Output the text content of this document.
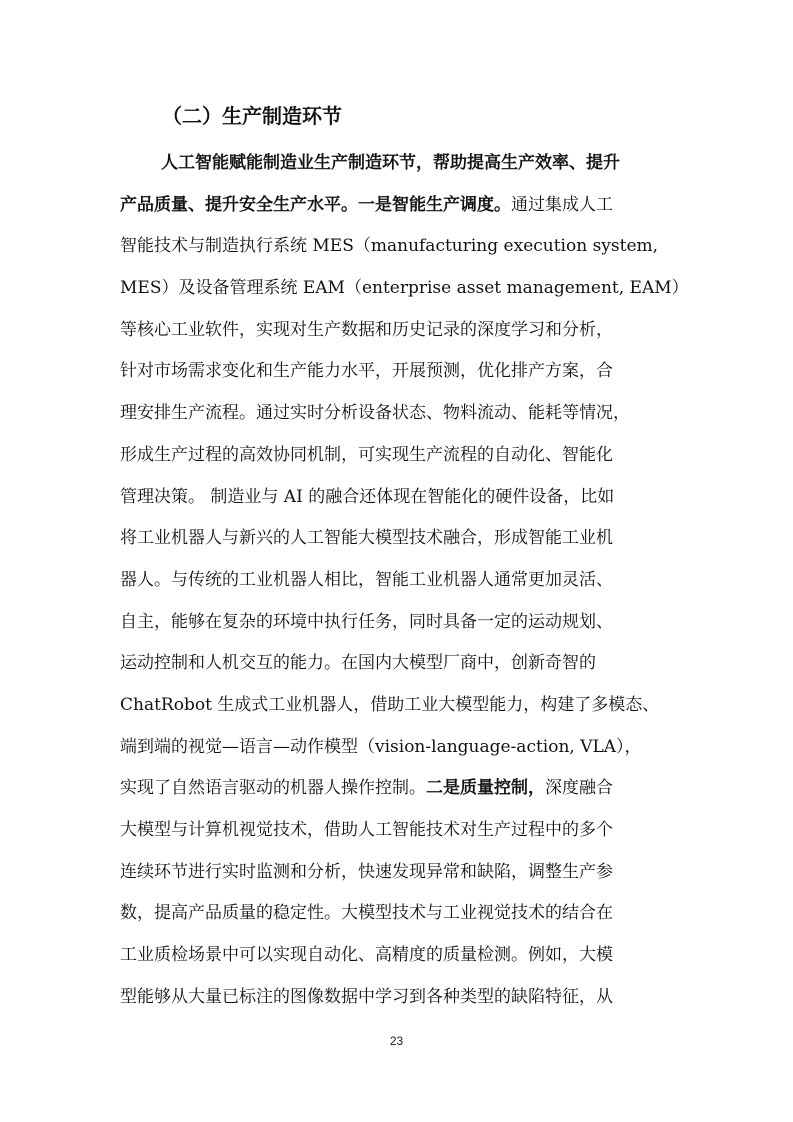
（二）生产制造环节
人工智能赋能制造业生产制造环节，帮助提高生产效率、提升
产品质量、提升安全生产水平。一是智能生产调度。通过集成人工
智能技术与制造执行系统 MES（manufacturing execution system,
MES）及设备管理系统 EAM（enterprise asset management, EAM）
等核心工业软件，实现对生产数据和历史记录的深度学习和分析，
针对市场需求变化和生产能力水平，开展预测，优化排产方案，合
理安排生产流程。通过实时分析设备状态、物料流动、能耗等情况，
形成生产过程的高效协同机制，可实现生产流程的自动化、智能化
管理决策。 制造业与 AI 的融合还体现在智能化的硬件设备，比如
将工业机器人与新兴的人工智能大模型技术融合，形成智能工业机
器人。与传统的工业机器人相比，智能工业机器人通常更加灵活、
自主，能够在复杂的环境中执行任务，同时具备一定的运动规划、
运动控制和人机交互的能力。在国内大模型厂商中，创新奇智的
ChatRobot 生成式工业机器人，借助工业大模型能力，构建了多模态、
端到端的视觉—语言—动作模型（vision-language-action, VLA），
实现了自然语言驱动的机器人操作控制。二是质量控制，深度融合
大模型与计算机视觉技术，借助人工智能技术对生产过程中的多个
连续环节进行实时监测和分析，快速发现异常和缺陷，调整生产参
数，提高产品质量的稳定性。大模型技术与工业视觉技术的结合在
工业质检场景中可以实现自动化、高精度的质量检测。例如，大模
型能够从大量已标注的图像数据中学习到各种类型的缺陷特征，从
23
